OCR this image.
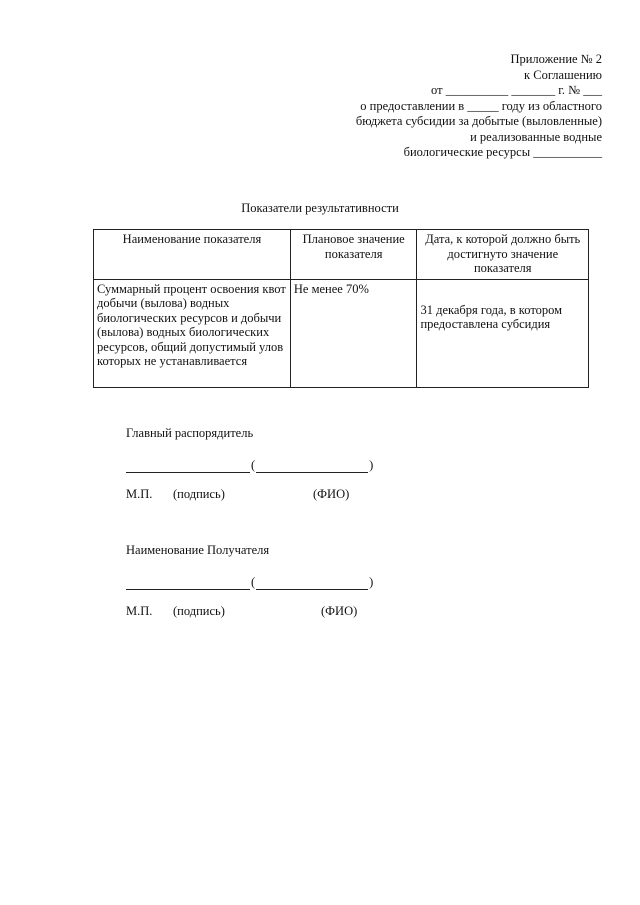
Приложение № 2
к Соглашению
от __________ _______ г. № ___
о предоставлении в _____ году из областного
бюджета субсидии за добытые (выловленные)
и реализованные водные
биологические ресурсы ___________
Показатели результативности
Наименование показателя	Плановое значение показателя	Дата, к которой должно быть достигнуто значение показателя
Суммарный процент освоения квот добычи (вылова) водных биологических ресурсов и добычи (вылова) водных биологических ресурсов, общий допустимый улов которых не устанавливается	Не менее 70%	31 декабря года, в котором предоставлена субсидия
Главный распорядитель
(	)
М.П. (подпись)	(ФИО)
Наименование Получателя
(	)
М.П. (подпись)	(ФИО)
